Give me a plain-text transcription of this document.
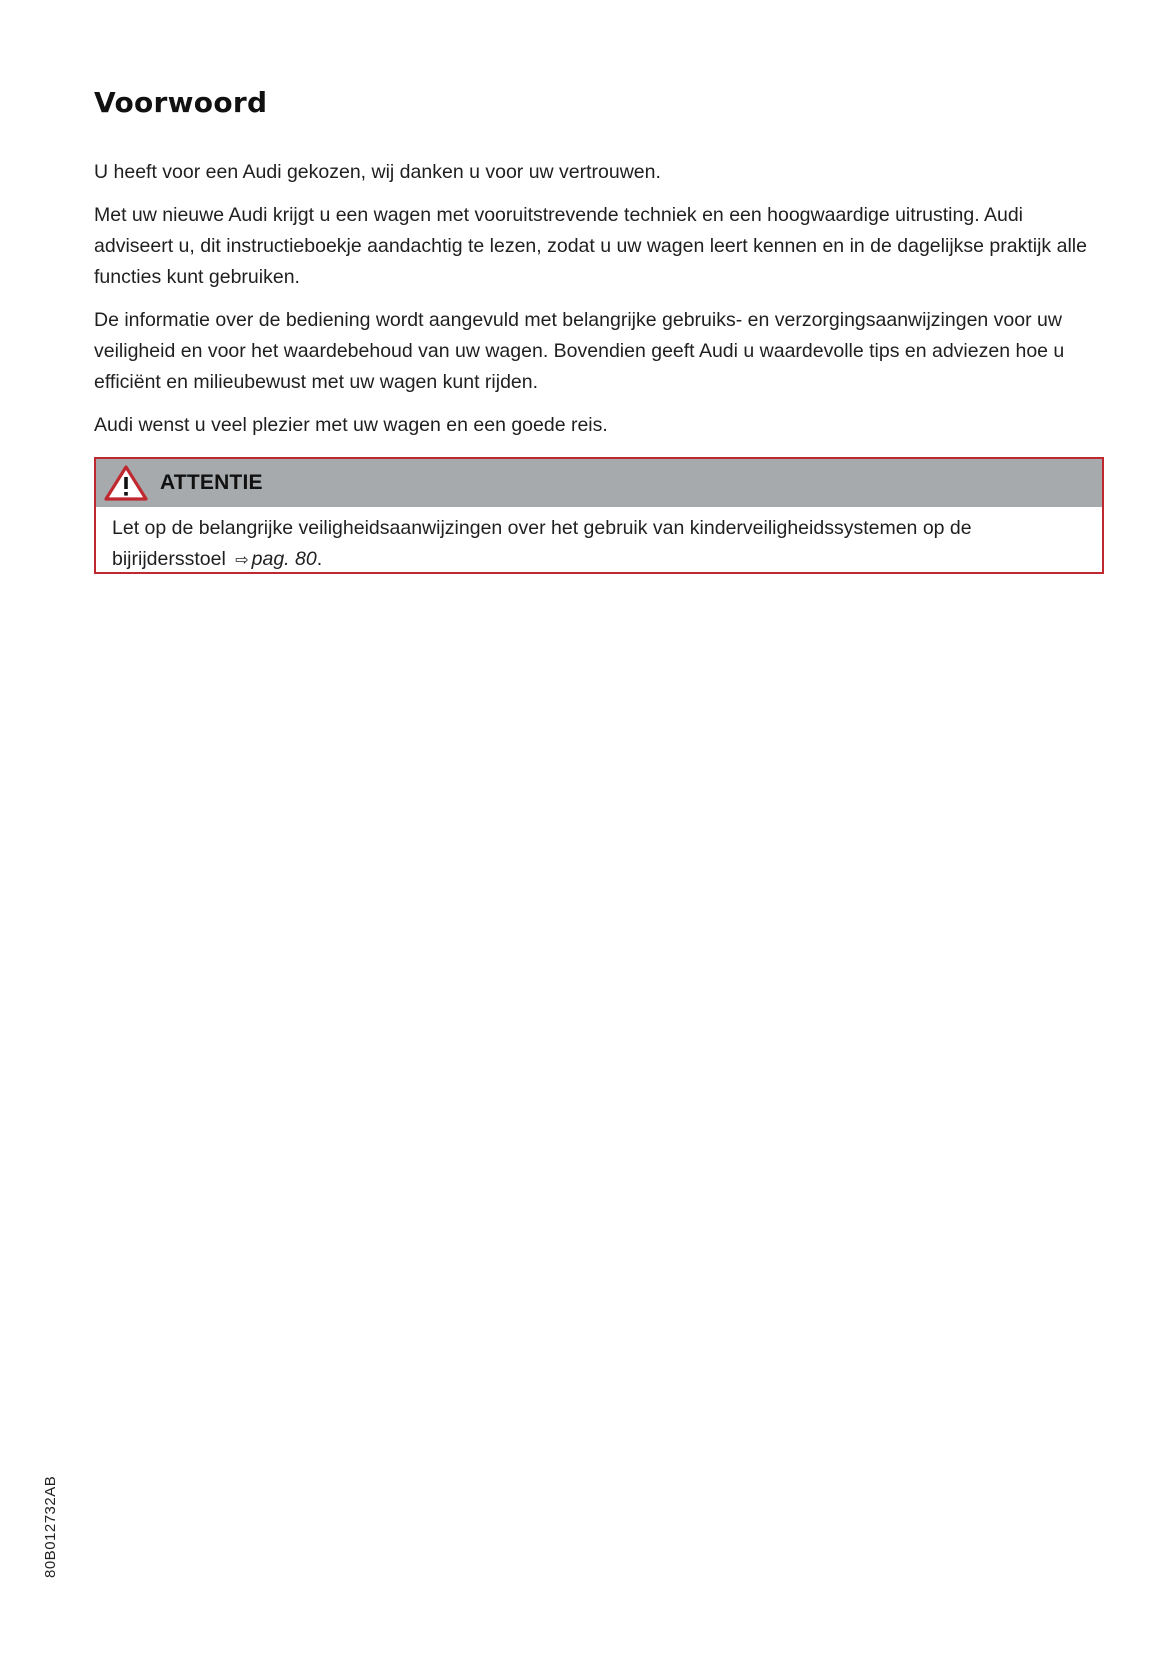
Voorwoord

U heeft voor een Audi gekozen, wij danken u voor uw vertrouwen.

Met uw nieuwe Audi krijgt u een wagen met vooruitstrevende techniek en een hoogwaardige uitrusting. Audi adviseert u, dit instructieboekje aandachtig te lezen, zodat u uw wagen leert kennen en in de dagelijkse praktijk alle functies kunt gebruiken.

De informatie over de bediening wordt aangevuld met belangrijke gebruiks- en verzorgingsaanwijzingen voor uw veiligheid en voor het waardebehoud van uw wagen. Bovendien geeft Audi u waardevolle tips en adviezen hoe u efficiënt en milieubewust met uw wagen kunt rijden.

Audi wenst u veel plezier met uw wagen en een goede reis.

ATTENTIE
Let op de belangrijke veiligheidsaanwijzingen over het gebruik van kinderveiligheidssystemen op de bijrijdersstoel ⇨ pag. 80.
80B012732AB
